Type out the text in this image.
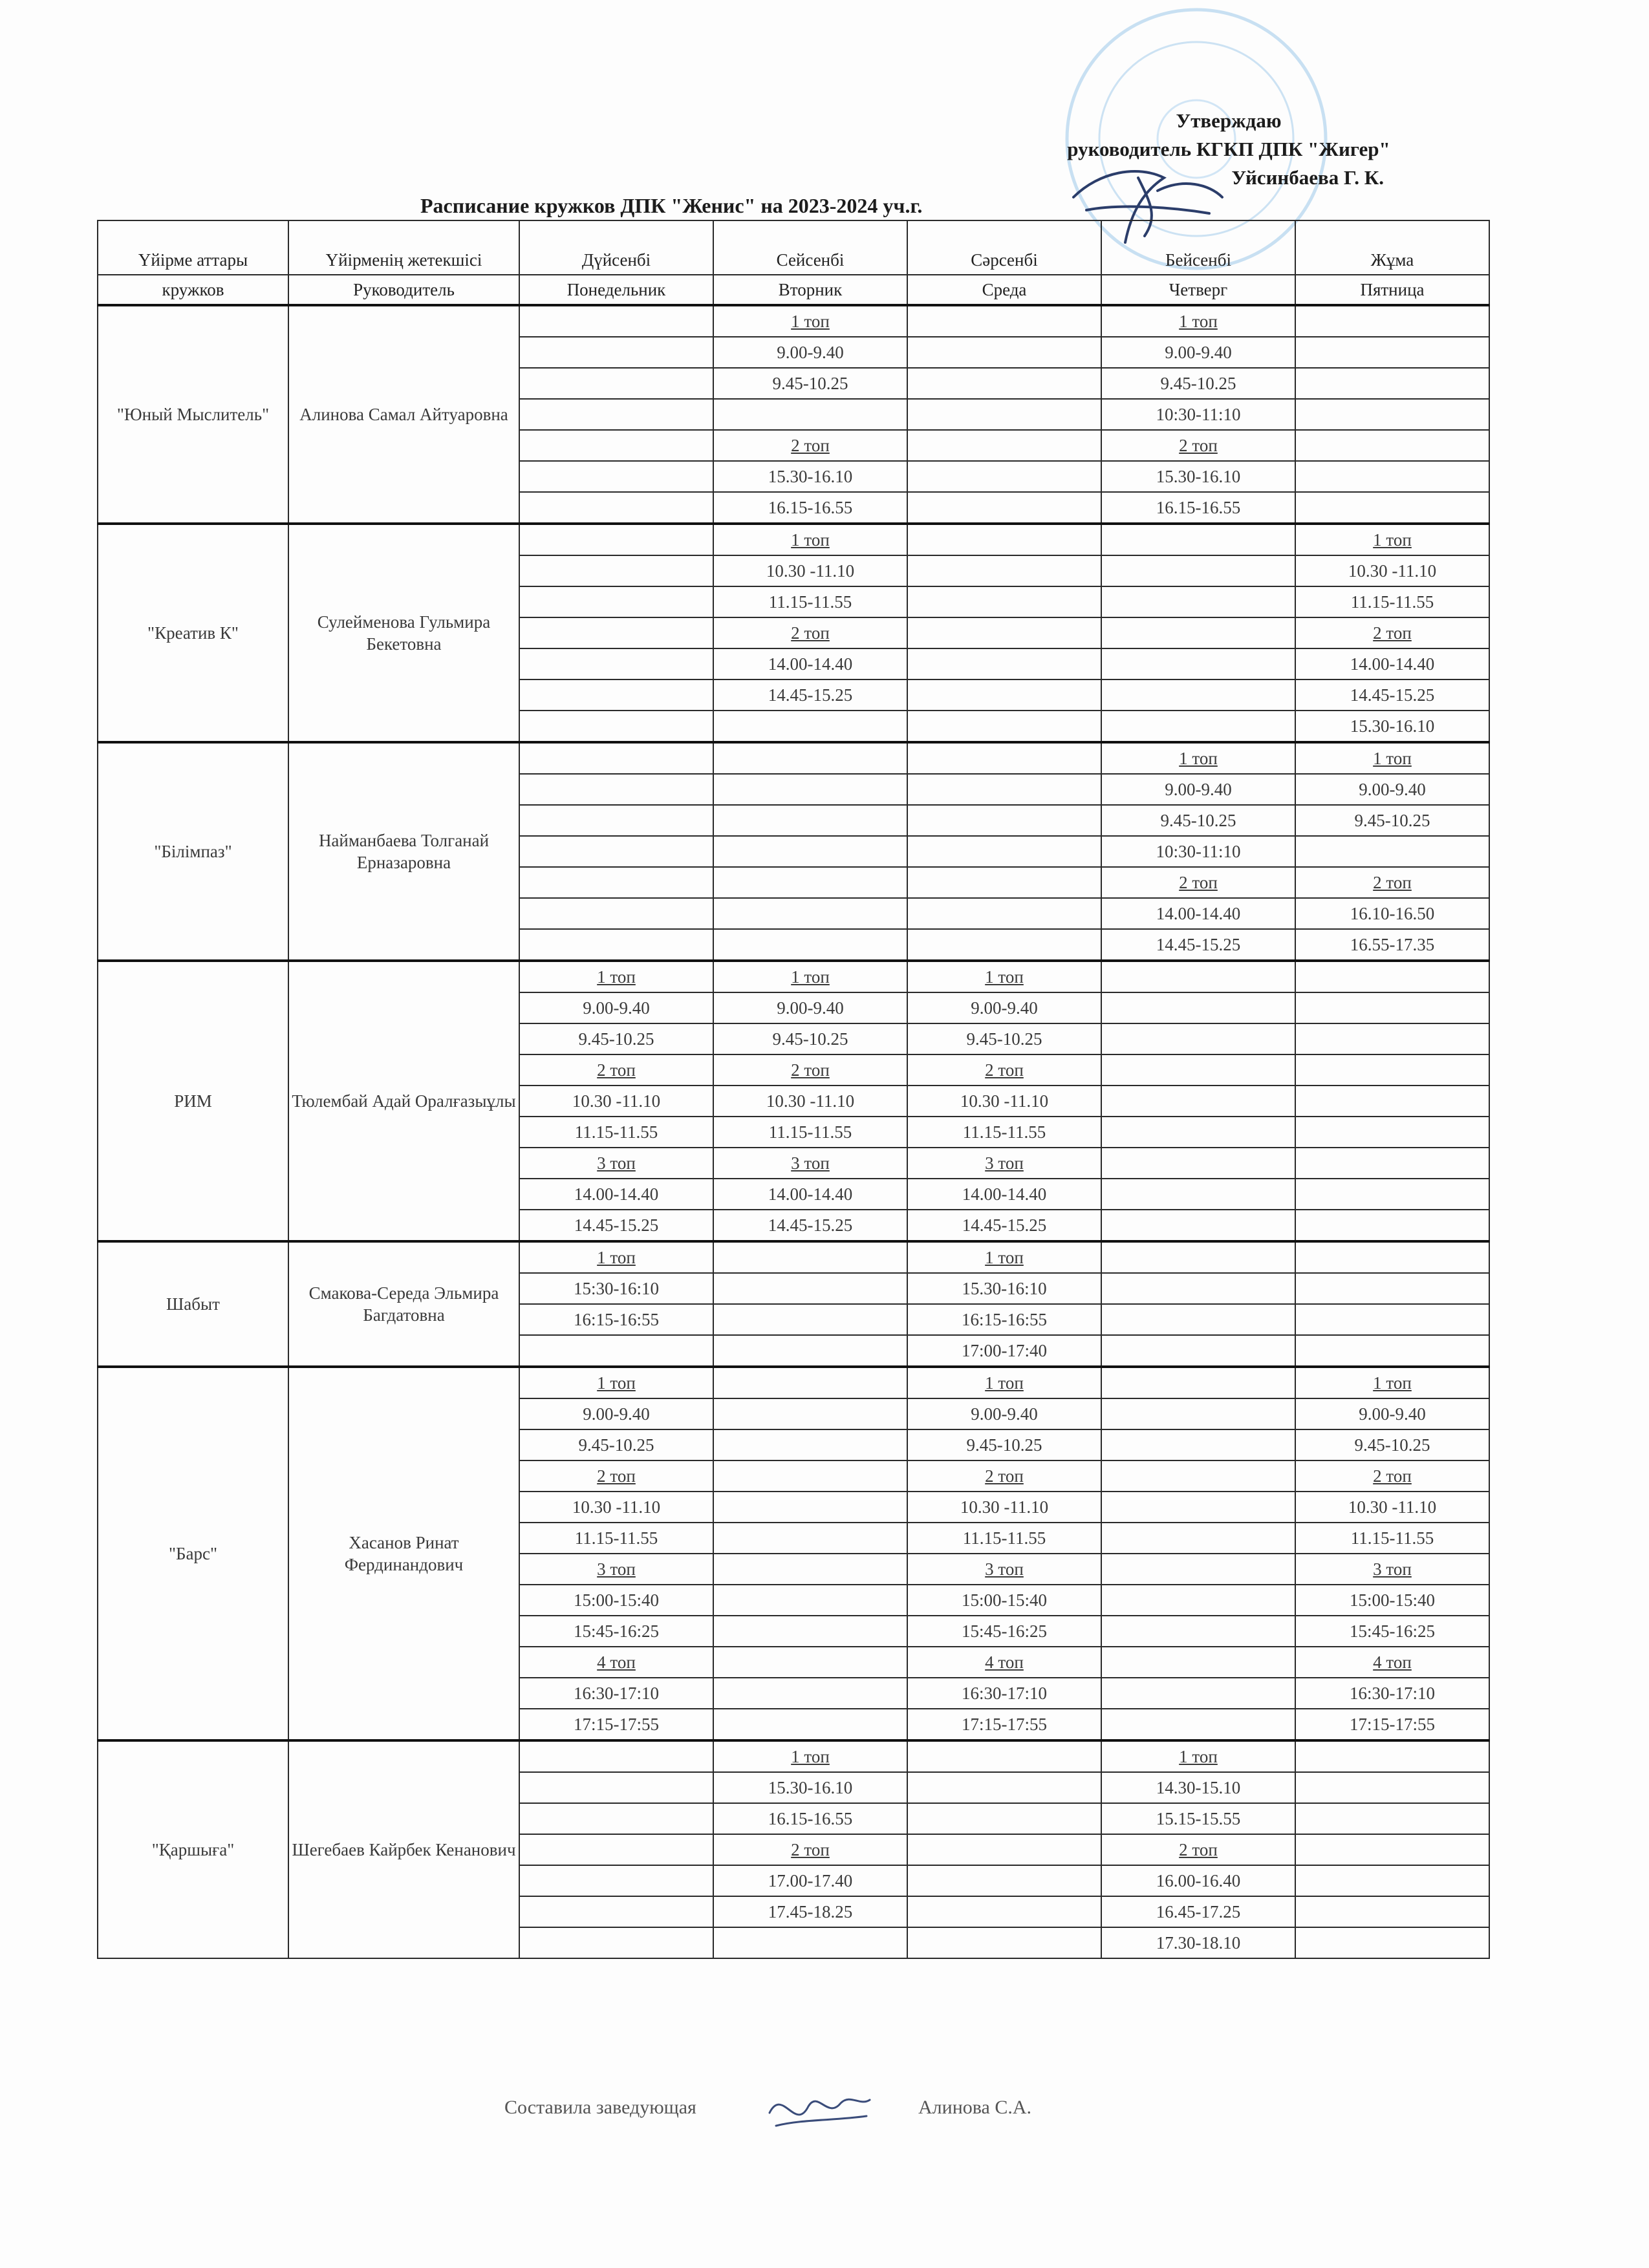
Утверждаю
руководитель КГКП ДПК "Жигер"
Уйсинбаева Г. К.
Расписание кружков ДПК "Женис" на 2023-2024 уч.г.
Үйірме аттары	Үйірменің жетекшісі	Дүйсенбі	Сейсенбі	Сәрсенбі	Бейсенбі	Жұма
кружков	Руководитель	Понедельник	Вторник	Среда	Четверг	Пятница
"Юный Мыслитель"	Алинова Самал Айтуаровна		1 топ		1 топ	
			9.00-9.40		9.00-9.40	
			9.45-10.25		9.45-10.25	
					10:30-11:10	
			2 топ		2 топ	
			15.30-16.10		15.30-16.10	
			16.15-16.55		16.15-16.55	
"Креатив К"	Сулейменова Гульмира Бекетовна		1 топ			1 топ
			10.30 -11.10			10.30 -11.10
			11.15-11.55			11.15-11.55
			2 топ			2 топ
			14.00-14.40			14.00-14.40
			14.45-15.25			14.45-15.25
						15.30-16.10
"Білімпаз"	Найманбаева Толганай Ерназаровна				1 топ	1 топ
					9.00-9.40	9.00-9.40
					9.45-10.25	9.45-10.25
					10:30-11:10	
					2 топ	2 топ
					14.00-14.40	16.10-16.50
					14.45-15.25	16.55-17.35
РИМ	Тюлембай Адай Оралғазыұлы	1 топ	1 топ	1 топ		
		9.00-9.40	9.00-9.40	9.00-9.40		
		9.45-10.25	9.45-10.25	9.45-10.25		
		2 топ	2 топ	2 топ		
		10.30 -11.10	10.30 -11.10	10.30 -11.10		
		11.15-11.55	11.15-11.55	11.15-11.55		
		3 топ	3 топ	3 топ		
		14.00-14.40	14.00-14.40	14.00-14.40		
		14.45-15.25	14.45-15.25	14.45-15.25		
Шабыт	Смакова-Середа Эльмира Багдатовна	1 топ		1 топ		
		15:30-16:10		15.30-16:10		
		16:15-16:55		16:15-16:55		
				17:00-17:40		
"Барс"	Хасанов Ринат Фердинандович	1 топ		1 топ		1 топ
		9.00-9.40		9.00-9.40		9.00-9.40
		9.45-10.25		9.45-10.25		9.45-10.25
		2 топ		2 топ		2 топ
		10.30 -11.10		10.30 -11.10		10.30 -11.10
		11.15-11.55		11.15-11.55		11.15-11.55
		3 топ		3 топ		3 топ
		15:00-15:40		15:00-15:40		15:00-15:40
		15:45-16:25		15:45-16:25		15:45-16:25
		4 топ		4 топ		4 топ
		16:30-17:10		16:30-17:10		16:30-17:10
		17:15-17:55		17:15-17:55		17:15-17:55
"Қаршыға"	Шегебаев Кайрбек Кенанович		1 топ		1 топ	
			15.30-16.10		14.30-15.10	
			16.15-16.55		15.15-15.55	
			2 топ		2 топ	
			17.00-17.40		16.00-16.40	
			17.45-18.25		16.45-17.25	
					17.30-18.10	
Составила заведующая	Алинова С.А.
